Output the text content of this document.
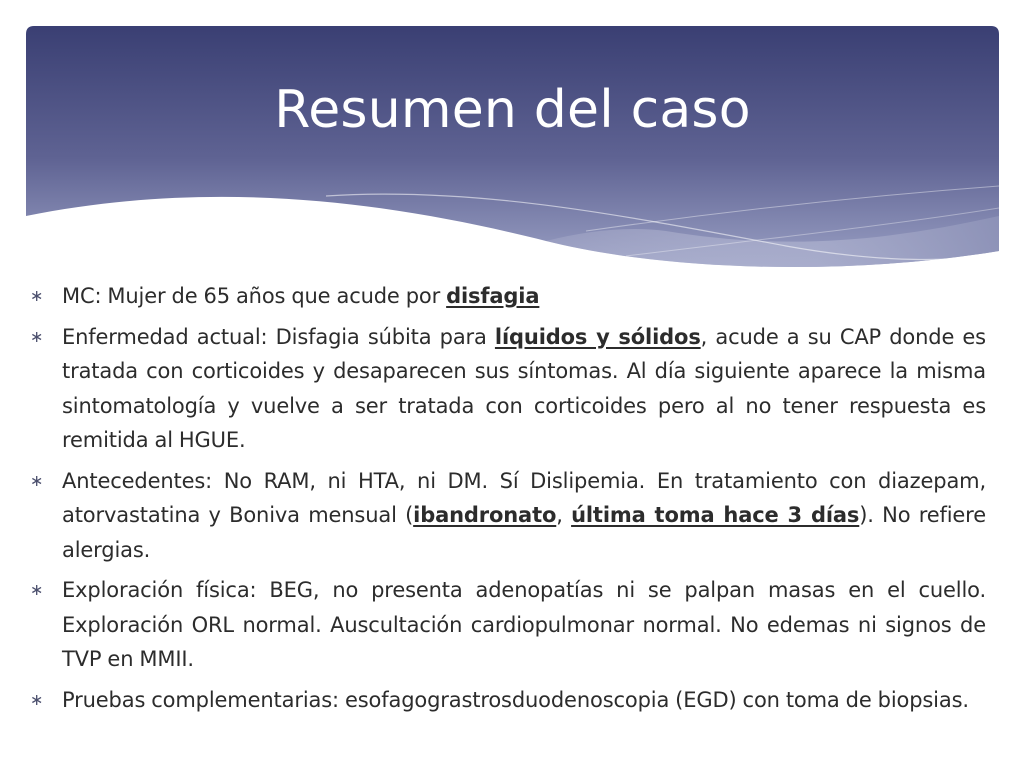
Resumen del caso
∗ MC: Mujer de 65 años que acude por disfagia
∗ Enfermedad actual: Disfagia súbita para líquidos y sólidos, acude a su CAP donde es tratada con corticoides y desaparecen sus síntomas. Al día siguiente aparece la misma sintomatología y vuelve a ser tratada con corticoides pero al no tener respuesta es remitida al HGUE.
∗ Antecedentes: No RAM, ni HTA, ni DM. Sí Dislipemia. En tratamiento con diazepam, atorvastatina y Boniva mensual (ibandronato, última toma hace 3 días). No refiere alergias.
∗ Exploración física: BEG, no presenta adenopatías ni se palpan masas en el cuello. Exploración ORL normal. Auscultación cardiopulmonar normal. No edemas ni signos de TVP en MMII.
∗ Pruebas complementarias: esofagograstrosduodenoscopia (EGD) con toma de biopsias.
